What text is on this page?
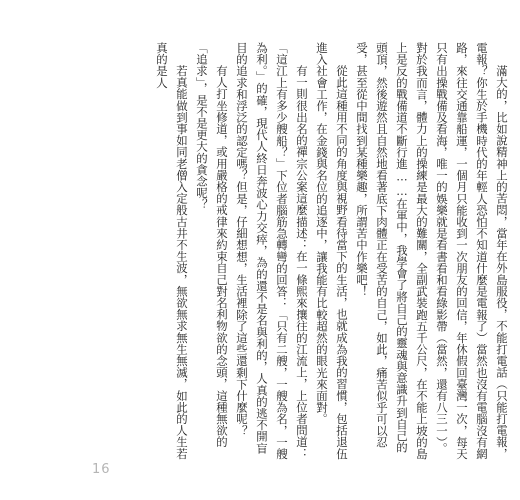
滿大的，比如說精神上的苦悶，當年在外島服役，不能打電話（只能打電報，電報？你生於手機時代的年輕人恐怕不知道什麼是電報了）當然也沒有電腦沒有網路，來往交通靠船運，一個月只能收到一次朋友的回信，年休假回臺灣一次，每天只有出操戰備及看海，唯一的娛樂就是看書看和看綠影帶（當然，還有八三一）。對於我而言，體力上的操練是最大的難關，全副武裝跑五千公尺，在不能上坡的島上是反的戰備道不斷行進……在軍中，我學會了將自己的靈魂與意識升到自己的頭頂，然後遊然且自然地看著底下肉體正在受苦的自己，如此，痛苦似乎可以忍受，甚至從中間找到某種樂趣，所謂苦中作樂吧！

從此這種用不同的角度與視野看待當下的生活，也就成為我的習慣，包括退伍進入社會工作，在金錢與名位的追逐中，讓我能有比較超然的眼光來面對。

有一則很出名的禪宗公案這麼描述：在一條熙來攘往的江流上，上位者問道：「這江上有多少艘船？」下位者腦筋急轉彎的回答：「只有二艘，一艘為名，一艘為利。」的確，現代人終日奔波心力交瘁，為的還不是名與利的，人真的逃不開盲目的追求和浮泛的認定嗎？但是，仔細想想，生活裡除了這些還剩下什麼呢？

有人打坐修道，或用嚴格的戒律來約束自己對名利物欲的念頭，這種無欲的「追求」，是不是更大的貪念呢？

若真能做到事如同老僧入定般古井不生波，無欲無求無生無滅，如此的人生若真的是人

16
